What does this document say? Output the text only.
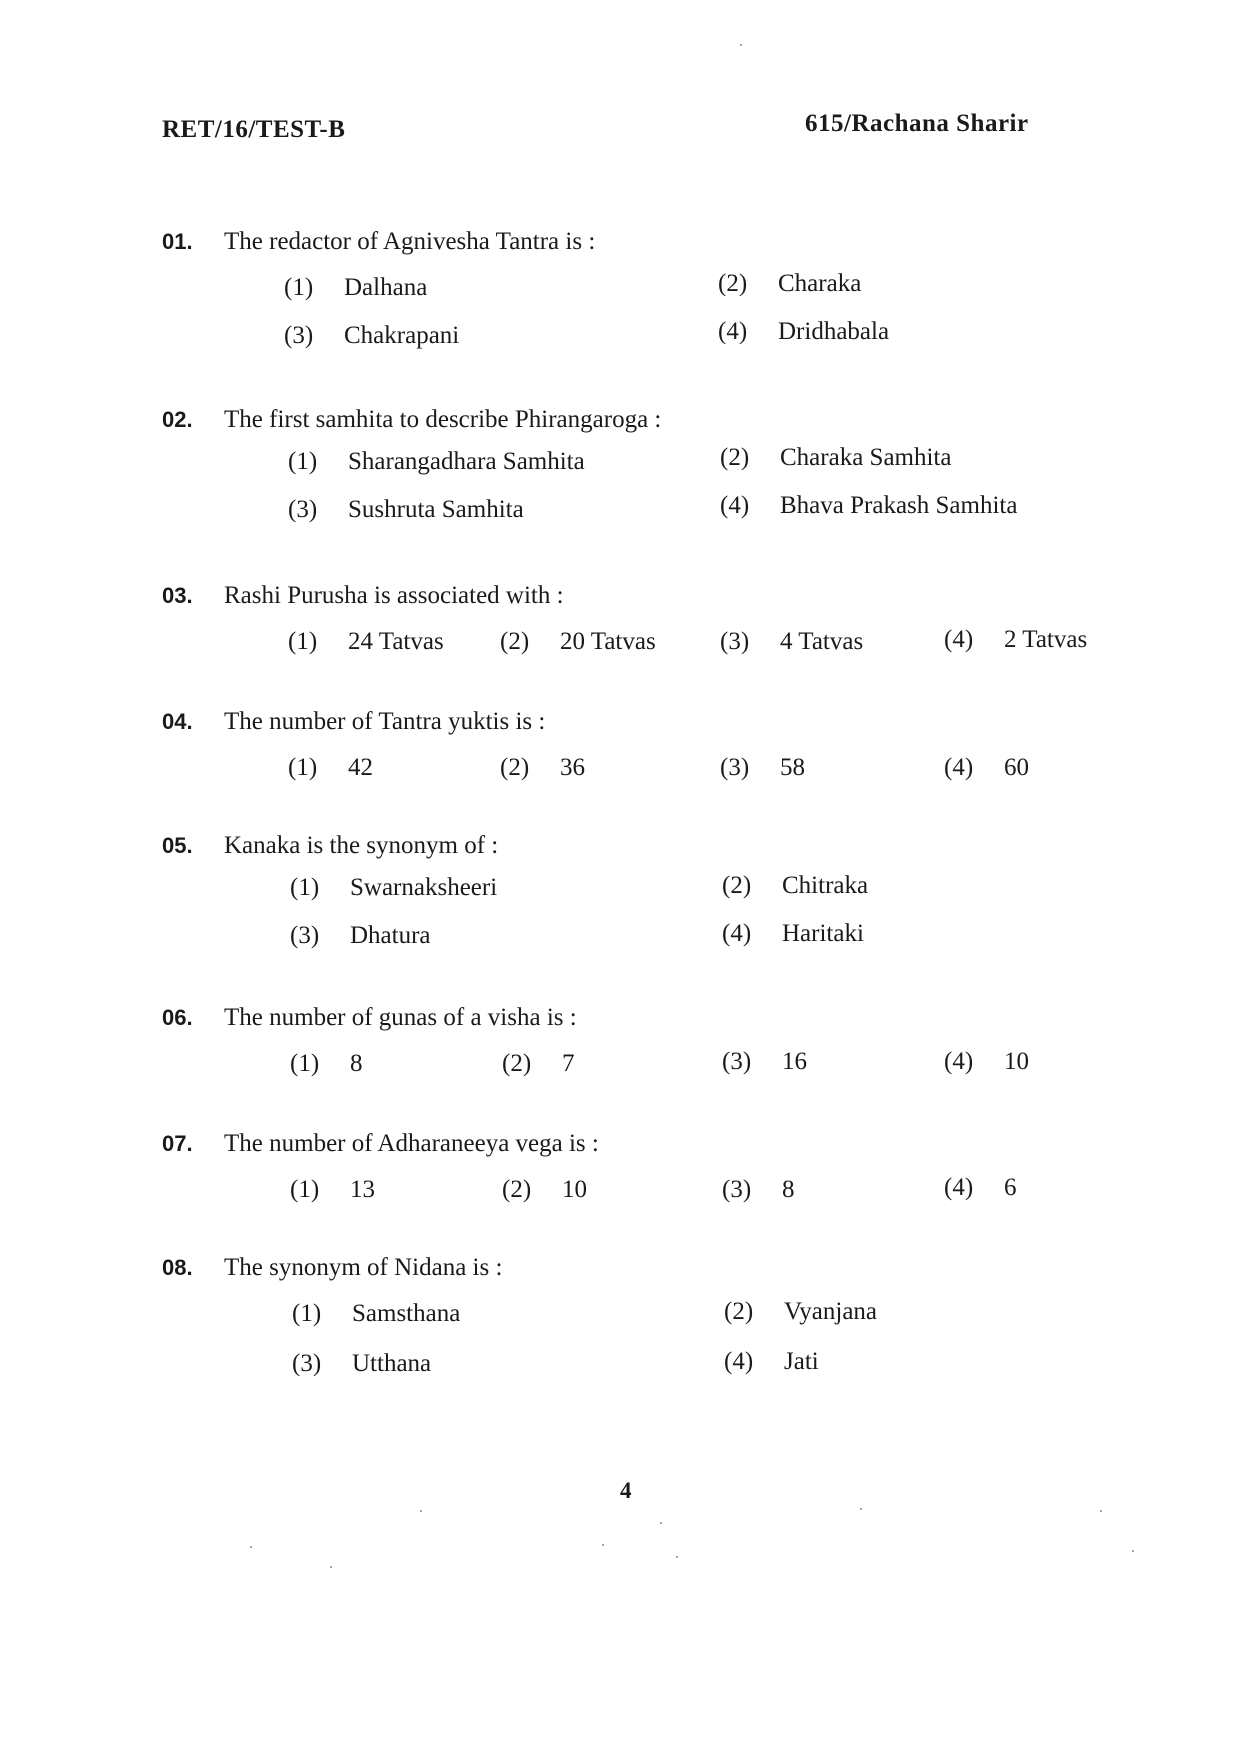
RET/16/TEST-B	615/Rachana Sharir
01.	The redactor of Agnivesha Tantra is :
(1)	Dalhana	(2)	Charaka
(3)	Chakrapani	(4)	Dridhabala
02.	The first samhita to describe Phirangaroga :
(1)	Sharangadhara Samhita	(2)	Charaka Samhita
(3)	Sushruta Samhita	(4)	Bhava Prakash Samhita
03.	Rashi Purusha is associated with :
(1)	24 Tatvas (2)	20 Tatvas	(3)	4 Tatvas	(4)	2 Tatvas
04.	The number of Tantra yuktis is :
(1)	42	(2)	36	(3)	58	(4)	60
05.	Kanaka is the synonym of :
(1)	Swarnaksheeri	(2)	Chitraka
(3)	Dhatura	(4)	Haritaki
06.	The number of gunas of a visha is :
(1)	8	(2)	7	(3)	16	(4)	10
07.	The number of Adharaneeya vega is :
(1)	13	(2)	10	(3)	8	(4)	6
08.	The synonym of Nidana is :
(1)	Samsthana	(2)	Vyanjana
(3)	Utthana	(4)	Jati
4
